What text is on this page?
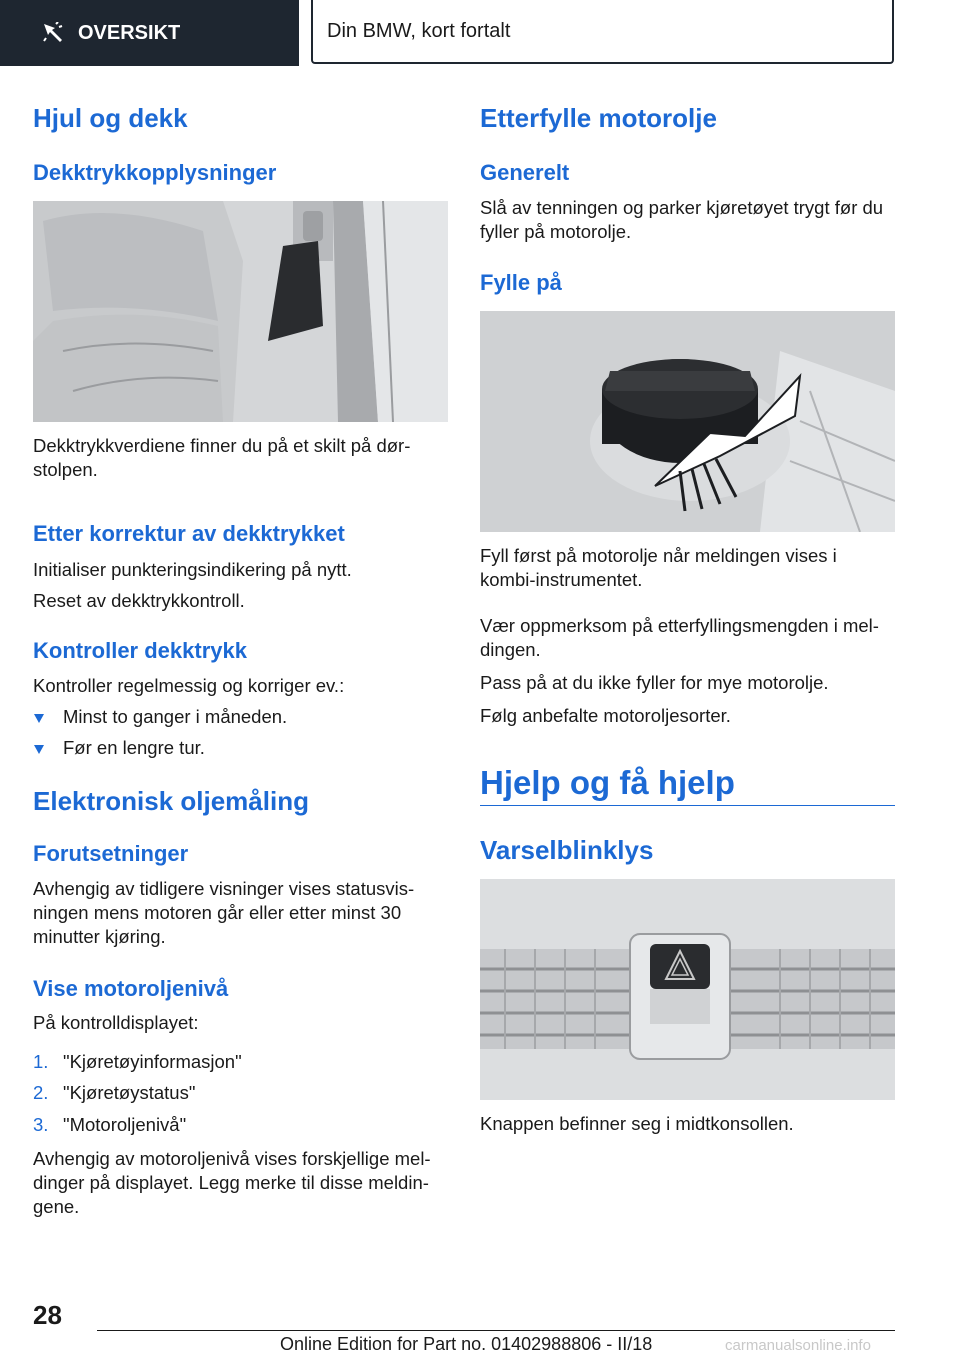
OVERSIKT	Din BMW, kort fortalt
Hjul og dekk
Dekktrykkopplysninger

Dekktrykkverdiene finner du på et skilt på dør-stolpen.

Etter korrektur av dekktrykket

Initialiser punkteringsindikering på nytt.

Reset av dekktrykkontroll.

Kontroller dekktrykk

Kontroller regelmessig og korriger ev.:

Minst to ganger i måneden.
Før en lengre tur.
Elektronisk oljemåling
Forutsetninger

Avhengig av tidligere visninger vises statusvis-ningen mens motoren går eller etter minst 30 minutter kjøring.

Vise motoroljenivå

På kontrolldisplayet:

1. "Kjøretøyinformasjon"
2. "Kjøretøystatus"
3. "Motoroljenivå"

Avhengig av motoroljenivå vises forskjellige mel-dinger på displayet. Legg merke til disse meldin-gene.

Etterfylle motorolje
Generelt

Slå av tenningen og parker kjøretøyet trygt før du fyller på motorolje.

Fylle på

Fyll først på motorolje når meldingen vises i kombi-instrumentet.

Vær oppmerksom på etterfyllingsmengden i mel-dingen.

Pass på at du ikke fyller for mye motorolje.

Følg anbefalte motoroljesorter.

Hjelp og få hjelp
Varselblinklys

Knappen befinner seg i midtkonsollen.

28
Online Edition for Part no. 01402988806 - II/18	carmanualsonline.info
